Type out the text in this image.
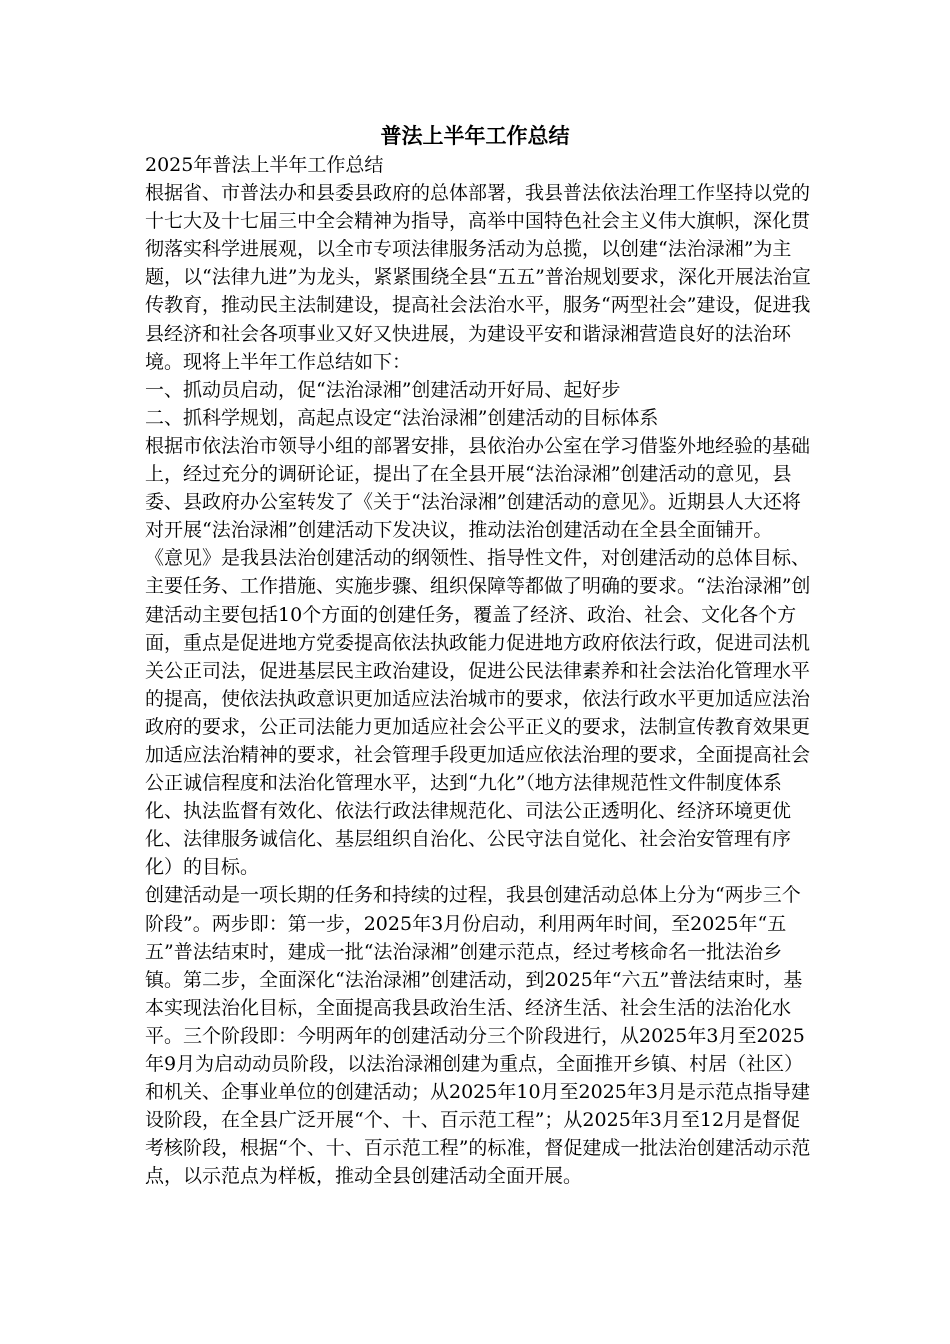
普法上半年工作总结

2025年普法上半年工作总结

根据省、市普法办和县委县政府的总体部署，我县普法依法治理工作坚持以党的十七大及十七届三中全会精神为指导，高举中国特色社会主义伟大旗帜，深化贯彻落实科学进展观，以全市专项法律服务活动为总揽，以创建“法治渌湘”为主题，以“法律九进”为龙头，紧紧围绕全县“五五”普治规划要求，深化开展法治宣传教育，推动民主法制建设，提高社会法治水平，服务“两型社会”建设，促进我县经济和社会各项事业又好又快进展，为建设平安和谐渌湘营造良好的法治环境。现将上半年工作总结如下：

一、抓动员启动，促“法治渌湘”创建活动开好局、起好步

二、抓科学规划，高起点设定“法治渌湘”创建活动的目标体系

根据市依法治市领导小组的部署安排，县依治办公室在学习借鉴外地经验的基础上，经过充分的调研论证，提出了在全县开展“法治渌湘”创建活动的意见，县委、县政府办公室转发了《关于“法治渌湘”创建活动的意见》。近期县人大还将对开展“法治渌湘”创建活动下发决议，推动法治创建活动在全县全面铺开。

《意见》是我县法治创建活动的纲领性、指导性文件，对创建活动的总体目标、主要任务、工作措施、实施步骤、组织保障等都做了明确的要求。“法治渌湘”创建活动主要包括10个方面的创建任务，覆盖了经济、政治、社会、文化各个方面，重点是促进地方党委提高依法执政能力促进地方政府依法行政，促进司法机关公正司法，促进基层民主政治建设，促进公民法律素养和社会法治化管理水平的提高，使依法执政意识更加适应法治城市的要求，依法行政水平更加适应法治政府的要求，公正司法能力更加适应社会公平正义的要求，法制宣传教育效果更加适应法治精神的要求，社会管理手段更加适应依法治理的要求，全面提高社会公正诚信程度和法治化管理水平，达到“九化”（地方法律规范性文件制度体系化、执法监督有效化、依法行政法律规范化、司法公正透明化、经济环境更优化、法律服务诚信化、基层组织自治化、公民守法自觉化、社会治安管理有序化）的目标。

创建活动是一项长期的任务和持续的过程，我县创建活动总体上分为“两步三个阶段”。两步即：第一步，2025年3月份启动，利用两年时间，至2025年“五五”普法结束时，建成一批“法治渌湘”创建示范点，经过考核命名一批法治乡镇。第二步，全面深化“法治渌湘”创建活动，到2025年“六五”普法结束时，基本实现法治化目标，全面提高我县政治生活、经济生活、社会生活的法治化水平。三个阶段即：今明两年的创建活动分三个阶段进行，从2025年3月至2025年9月为启动动员阶段，以法治渌湘创建为重点，全面推开乡镇、村居（社区）和机关、企事业单位的创建活动；从2025年10月至2025年3月是示范点指导建设阶段，在全县广泛开展“个、十、百示范工程”；从2025年3月至12月是督促考核阶段，根据“个、十、百示范工程”的标准，督促建成一批法治创建活动示范点，以示范点为样板，推动全县创建活动全面开展。
